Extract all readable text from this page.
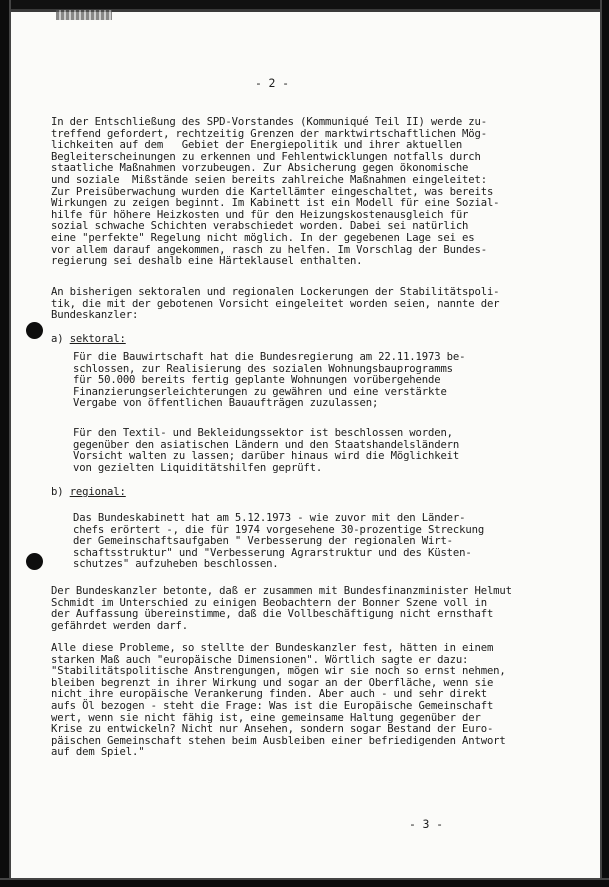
- 2 -
In der Entschließung des SPD-Vorstandes (Kommuniqué Teil II) werde zu-
treffend gefordert, rechtzeitig Grenzen der marktwirtschaftlichen Mög-
lichkeiten auf dem   Gebiet der Energiepolitik und ihrer aktuellen
Begleiterscheinungen zu erkennen und Fehlentwicklungen notfalls durch
staatliche Maßnahmen vorzubeugen. Zur Absicherung gegen ökonomische
und soziale  Mißstände seien bereits zahlreiche Maßnahmen eingeleitet:
Zur Preisüberwachung wurden die Kartellämter eingeschaltet, was bereits
Wirkungen zu zeigen beginnt. Im Kabinett ist ein Modell für eine Sozial-
hilfe für höhere Heizkosten und für den Heizungskostenausgleich für
sozial schwache Schichten verabschiedet worden. Dabei sei natürlich
eine "perfekte" Regelung nicht möglich. In der gegebenen Lage sei es
vor allem darauf angekommen, rasch zu helfen. Im Vorschlag der Bundes-
regierung sei deshalb eine Härteklausel enthalten.
An bisherigen sektoralen und regionalen Lockerungen der Stabilitätspoli-
tik, die mit der gebotenen Vorsicht eingeleitet worden seien, nannte der
Bundeskanzler:
a) sektoral:
Für die Bauwirtschaft hat die Bundesregierung am 22.11.1973 be-
schlossen, zur Realisierung des sozialen Wohnungsbauprogramms
für 50.000 bereits fertig geplante Wohnungen vorübergehende
Finanzierungserleichterungen zu gewähren und eine verstärkte
Vergabe von öffentlichen Bauaufträgen zuzulassen;
Für den Textil- und Bekleidungssektor ist beschlossen worden,
gegenüber den asiatischen Ländern und den Staatshandelsländern
Vorsicht walten zu lassen; darüber hinaus wird die Möglichkeit
von gezielten Liquiditätshilfen geprüft.
b) regional:
Das Bundeskabinett hat am 5.12.1973 - wie zuvor mit den Länder-
chefs erörtert -, die für 1974 vorgesehene 30-prozentige Streckung
der Gemeinschaftsaufgaben " Verbesserung der regionalen Wirt-
schaftsstruktur" und "Verbesserung Agrarstruktur und des Küsten-
schutzes" aufzuheben beschlossen.
Der Bundeskanzler betonte, daß er zusammen mit Bundesfinanzminister Helmut
Schmidt im Unterschied zu einigen Beobachtern der Bonner Szene voll in
der Auffassung übereinstimme, daß die Vollbeschäftigung nicht ernsthaft
gefährdet werden darf.
Alle diese Probleme, so stellte der Bundeskanzler fest, hätten in einem
starken Maß auch "europäische Dimensionen". Wörtlich sagte er dazu:
"Stabilitätspolitische Anstrengungen, mögen wir sie noch so ernst nehmen,
bleiben begrenzt in ihrer Wirkung und sogar an der Oberfläche, wenn sie
nicht ihre europäische Verankerung finden. Aber auch - und sehr direkt
aufs Öl bezogen - steht die Frage: Was ist die Europäische Gemeinschaft
wert, wenn sie nicht fähig ist, eine gemeinsame Haltung gegenüber der
Krise zu entwickeln? Nicht nur Ansehen, sondern sogar Bestand der Euro-
päischen Gemeinschaft stehen beim Ausbleiben einer befriedigenden Antwort
auf dem Spiel."
- 3 -
